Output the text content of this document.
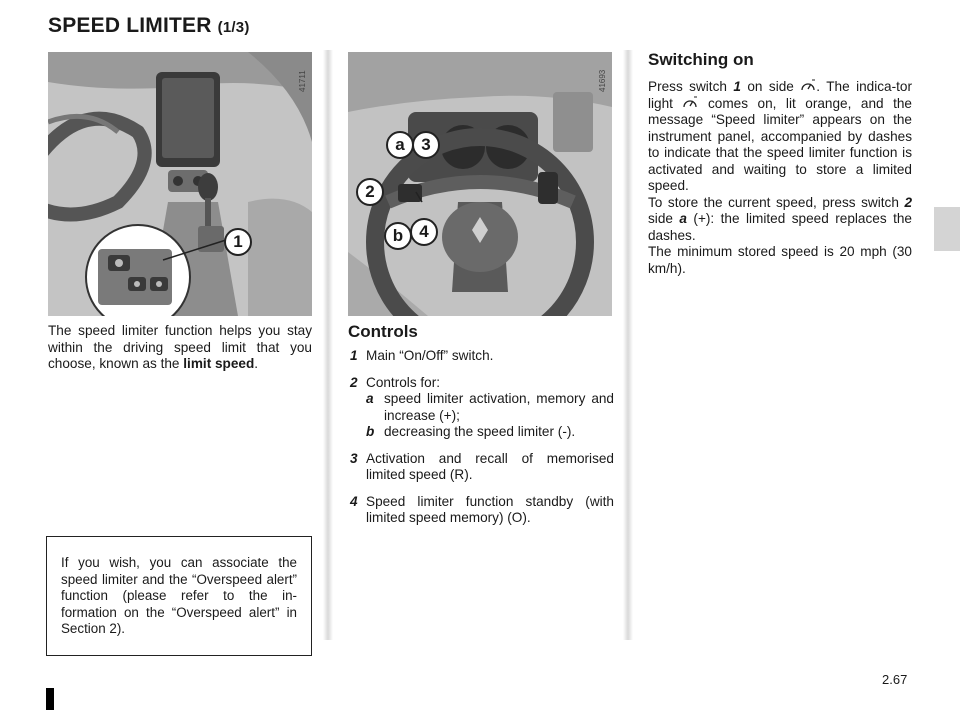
SPEED LIMITER (1/3)
41711
1
41693
a 3
2
b 4
The speed limiter function helps you stay within the driving speed limit that you choose, known as the limit speed.
If you wish, you can associate the speed limiter and the “Overspeed alert” function (please refer to the in-formation on the “Overspeed alert” in Section 2).
Controls
1 Main “On/Off” switch.
2 Controls for:
a speed limiter activation, memory and increase (+);
b decreasing the speed limiter (-).
3 Activation and recall of memorised limited speed (R).
4 Speed limiter function standby (with limited speed memory) (O).
Switching on
Press switch 1 on side . The indica-tor light  comes on, lit orange, and the message “Speed limiter” appears on the instrument panel, accompanied by dashes to indicate that the speed limiter function is activated and waiting to store a limited speed.
To store the current speed, press switch 2 side a (+): the limited speed replaces the dashes.
The minimum stored speed is 20 mph (30 km/h).
2.67
